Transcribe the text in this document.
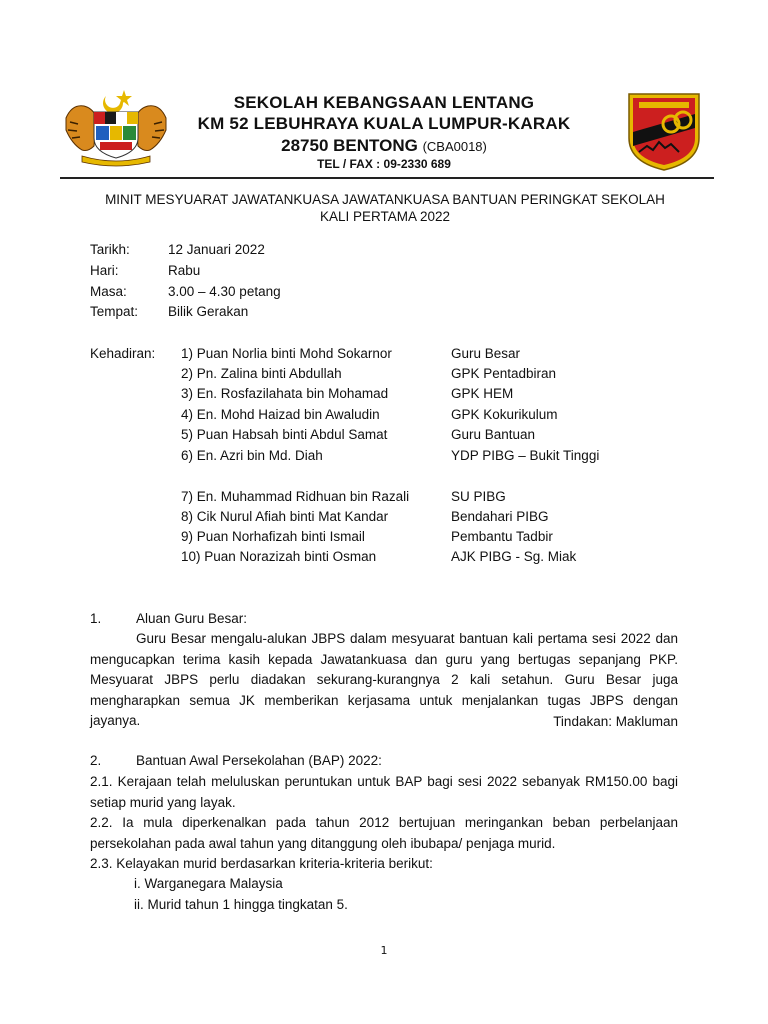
SEKOLAH KEBANGSAAN LENTANG
KM 52 LEBUHRAYA KUALA LUMPUR-KARAK
28750 BENTONG (CBA0018)
TEL / FAX : 09-2330 689
MINIT MESYUARAT JAWATANKUASA JAWATANKUASA BANTUAN PERINGKAT SEKOLAH
KALI PERTAMA 2022
Tarikh:	12 Januari 2022
Hari:	Rabu
Masa:	3.00 – 4.30 petang
Tempat: Bilik Gerakan
Kehadiran: 1) Puan Norlia binti Mohd Sokarnor	Guru Besar
2) Pn. Zalina binti Abdullah	GPK Pentadbiran
3) En. Rosfazilahata bin Mohamad	GPK HEM
4) En. Mohd Haizad bin Awaludin	GPK Kokurikulum
5) Puan Habsah binti Abdul Samat	Guru Bantuan
6) En. Azri bin Md. Diah	YDP PIBG – Bukit Tinggi
7) En. Muhammad Ridhuan bin Razali	SU PIBG
8) Cik Nurul Afiah binti Mat Kandar	Bendahari PIBG
9) Puan Norhafizah binti Ismail	Pembantu Tadbir
10) Puan Norazizah binti Osman	AJK PIBG - Sg. Miak
1.	Aluan Guru Besar:

Guru Besar mengalu-alukan JBPS dalam mesyuarat bantuan kali pertama sesi 2022 dan mengucapkan terima kasih kepada Jawatankuasa dan guru yang bertugas sepanjang PKP. Mesyuarat JBPS perlu diadakan sekurang-kurangnya 2 kali setahun. Guru Besar juga mengharapkan semua JK memberikan kerjasama untuk menjalankan tugas JBPS dengan jayanya.	Tindakan: Makluman
2.	Bantuan Awal Persekolahan (BAP) 2022:

2.1. Kerajaan telah meluluskan peruntukan untuk BAP bagi sesi 2022 sebanyak RM150.00 bagi setiap murid yang layak.

2.2. Ia mula diperkenalkan pada tahun 2012 bertujuan meringankan beban perbelanjaan persekolahan pada awal tahun yang ditanggung oleh ibubapa/ penjaga murid.

2.3. Kelayakan murid berdasarkan kriteria-kriteria berikut:

i. Warganegara Malaysia
ii. Murid tahun 1 hingga tingkatan 5.
1
